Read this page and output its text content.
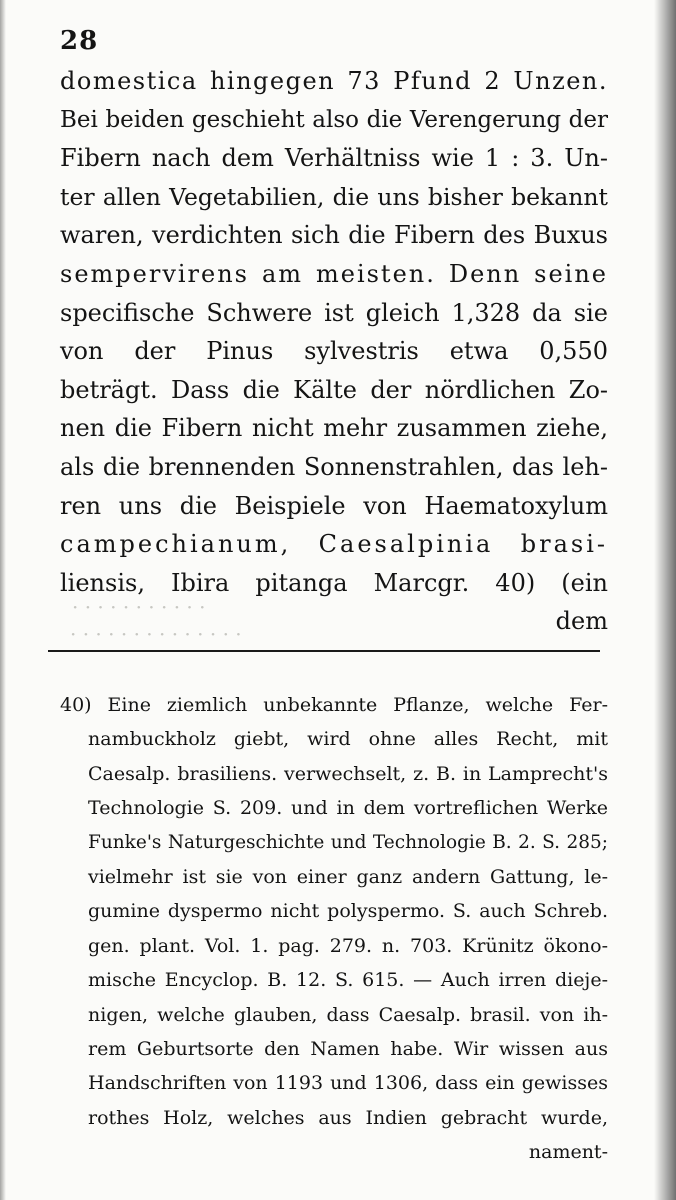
28
domestica hingegen 73 Pfund 2 Unzen.
Bei beiden geschieht also die Verengerung der
Fibern nach dem Verhältniss wie 1 : 3. Un-
ter allen Vegetabilien, die uns bisher bekannt
waren, verdichten sich die Fibern des Buxus
sempervirens am meisten. Denn seine
specifische Schwere ist gleich 1,328 da sie
von der Pinus sylvestris etwa 0,550
beträgt. Dass die Kälte der nördlichen Zo-
nen die Fibern nicht mehr zusammen ziehe,
als die brennenden Sonnenstrahlen, das leh-
ren uns die Beispiele von Haematoxylum
campechianum, Caesalpinia brasi-
liensis, Ibira pitanga Marcgr. 40) (ein
dem
· · · · · · · · · · ·
· · · · · · · · · · · · · ·
40) Eine ziemlich unbekannte Pflanze, welche Fer-
nambuckholz giebt, wird ohne alles Recht, mit
Caesalp. brasiliens. verwechselt, z. B. in Lamprecht's
Technologie S. 209. und in dem vortreflichen Werke
Funke's Naturgeschichte und Technologie B. 2. S. 285;
vielmehr ist sie von einer ganz andern Gattung, le-
gumine dyspermo nicht polyspermo. S. auch Schreb.
gen. plant. Vol. 1. pag. 279. n. 703. Krünitz ökono-
mische Encyclop. B. 12. S. 615. — Auch irren dieje-
nigen, welche glauben, dass Caesalp. brasil. von ih-
rem Geburtsorte den Namen habe. Wir wissen aus
Handschriften von 1193 und 1306, dass ein gewisses
rothes Holz, welches aus Indien gebracht wurde,
nament-
